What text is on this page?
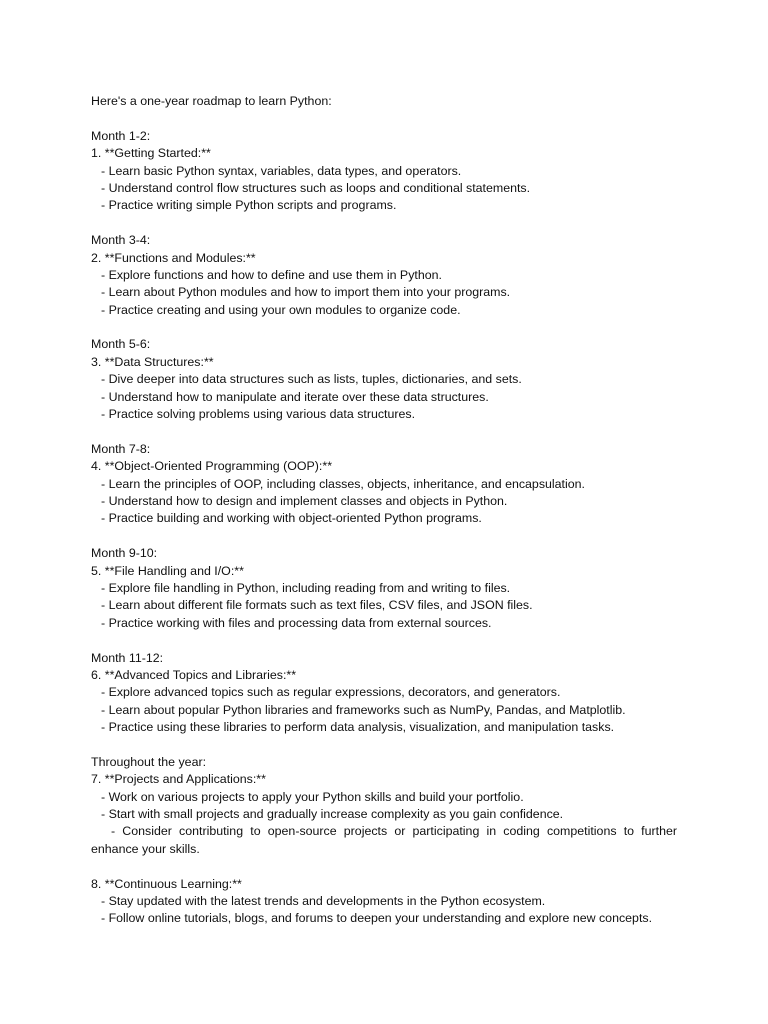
Here's a one-year roadmap to learn Python:
Month 1-2:
1. **Getting Started:**
- Learn basic Python syntax, variables, data types, and operators.
- Understand control flow structures such as loops and conditional statements.
- Practice writing simple Python scripts and programs.
Month 3-4:
2. **Functions and Modules:**
- Explore functions and how to define and use them in Python.
- Learn about Python modules and how to import them into your programs.
- Practice creating and using your own modules to organize code.
Month 5-6:
3. **Data Structures:**
- Dive deeper into data structures such as lists, tuples, dictionaries, and sets.
- Understand how to manipulate and iterate over these data structures.
- Practice solving problems using various data structures.
Month 7-8:
4. **Object-Oriented Programming (OOP):**
- Learn the principles of OOP, including classes, objects, inheritance, and encapsulation.
- Understand how to design and implement classes and objects in Python.
- Practice building and working with object-oriented Python programs.
Month 9-10:
5. **File Handling and I/O:**
- Explore file handling in Python, including reading from and writing to files.
- Learn about different file formats such as text files, CSV files, and JSON files.
- Practice working with files and processing data from external sources.
Month 11-12:
6. **Advanced Topics and Libraries:**
- Explore advanced topics such as regular expressions, decorators, and generators.
- Learn about popular Python libraries and frameworks such as NumPy, Pandas, and Matplotlib.
- Practice using these libraries to perform data analysis, visualization, and manipulation tasks.
Throughout the year:
7. **Projects and Applications:**
- Work on various projects to apply your Python skills and build your portfolio.
- Start with small projects and gradually increase complexity as you gain confidence.
- Consider contributing to open-source projects or participating in coding competitions to further enhance your skills.
8. **Continuous Learning:**
- Stay updated with the latest trends and developments in the Python ecosystem.
- Follow online tutorials, blogs, and forums to deepen your understanding and explore new concepts.
